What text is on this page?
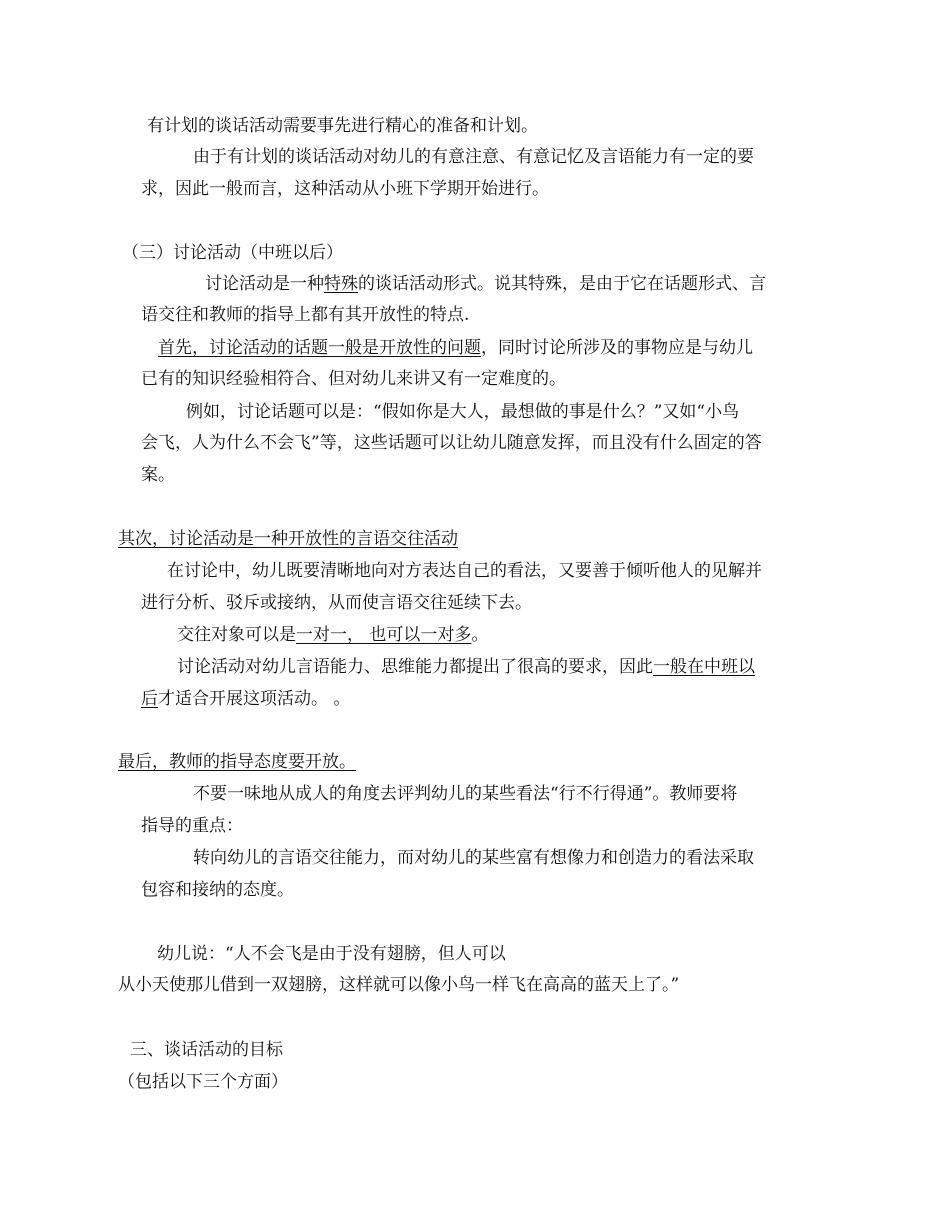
有计划的谈话活动需要事先进行精心的准备和计划。
由于有计划的谈话活动对幼儿的有意注意、有意记忆及言语能力有一定的要
求，因此一般而言，这种活动从小班下学期开始进行。
（三）讨论活动（中班以后）
讨论活动是一种特殊的谈话活动形式。说其特殊，是由于它在话题形式、言
语交往和教师的指导上都有其开放性的特点.
首先，讨论活动的话题一般是开放性的问题，同时讨论所涉及的事物应是与幼儿
已有的知识经验相符合、但对幼儿来讲又有一定难度的。
例如，讨论话题可以是：“假如你是大人，最想做的事是什么？”又如“小鸟
会飞，人为什么不会飞”等，这些话题可以让幼儿随意发挥，而且没有什么固定的答
案。
其次，讨论活动是一种开放性的言语交往活动
在讨论中，幼儿既要清晰地向对方表达自己的看法，又要善于倾听他人的见解并
进行分析、驳斥或接纳，从而使言语交往延续下去。
交往对象可以是一对一， 也可以一对多。
讨论活动对幼儿言语能力、思维能力都提出了很高的要求，因此一般在中班以
后才适合开展这项活动。 。
最后，教师的指导态度要开放。
不要一味地从成人的角度去评判幼儿的某些看法“行不行得通”。教师要将
指导的重点：
转向幼儿的言语交往能力，而对幼儿的某些富有想像力和创造力的看法采取
包容和接纳的态度。
幼儿说：“人不会飞是由于没有翅膀，但人可以
从小天使那儿借到一双翅膀，这样就可以像小鸟一样飞在高高的蓝天上了。”
三、谈话活动的目标
（包括以下三个方面）
